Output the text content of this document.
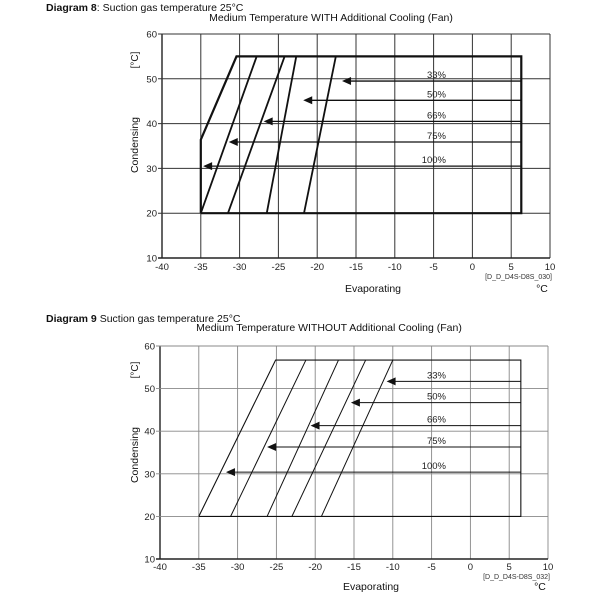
Diagram 8: Suction gas temperature 25°C
Medium Temperature WITH Additional Cooling (Fan)
-40	-35	-30	-25	-20	-15	-10	-5	0	5	10
10
20
30
40
50
60
Evaporating	°C
[D_D_D4S-D8S_030]
Condensing
[°C]
33%
50%
66%
75%
100%
Diagram 9 Suction gas temperature 25°C
Medium Temperature WITHOUT Additional Cooling (Fan)
-40	-35	-30	-25	-20	-15	-10	-5	0	5	10
10
20
30
40
50
60
Evaporating	°C
[D_D_D4S-D8S_032]
Condensing
[°C]	33%
50%
66%
75%
100%
